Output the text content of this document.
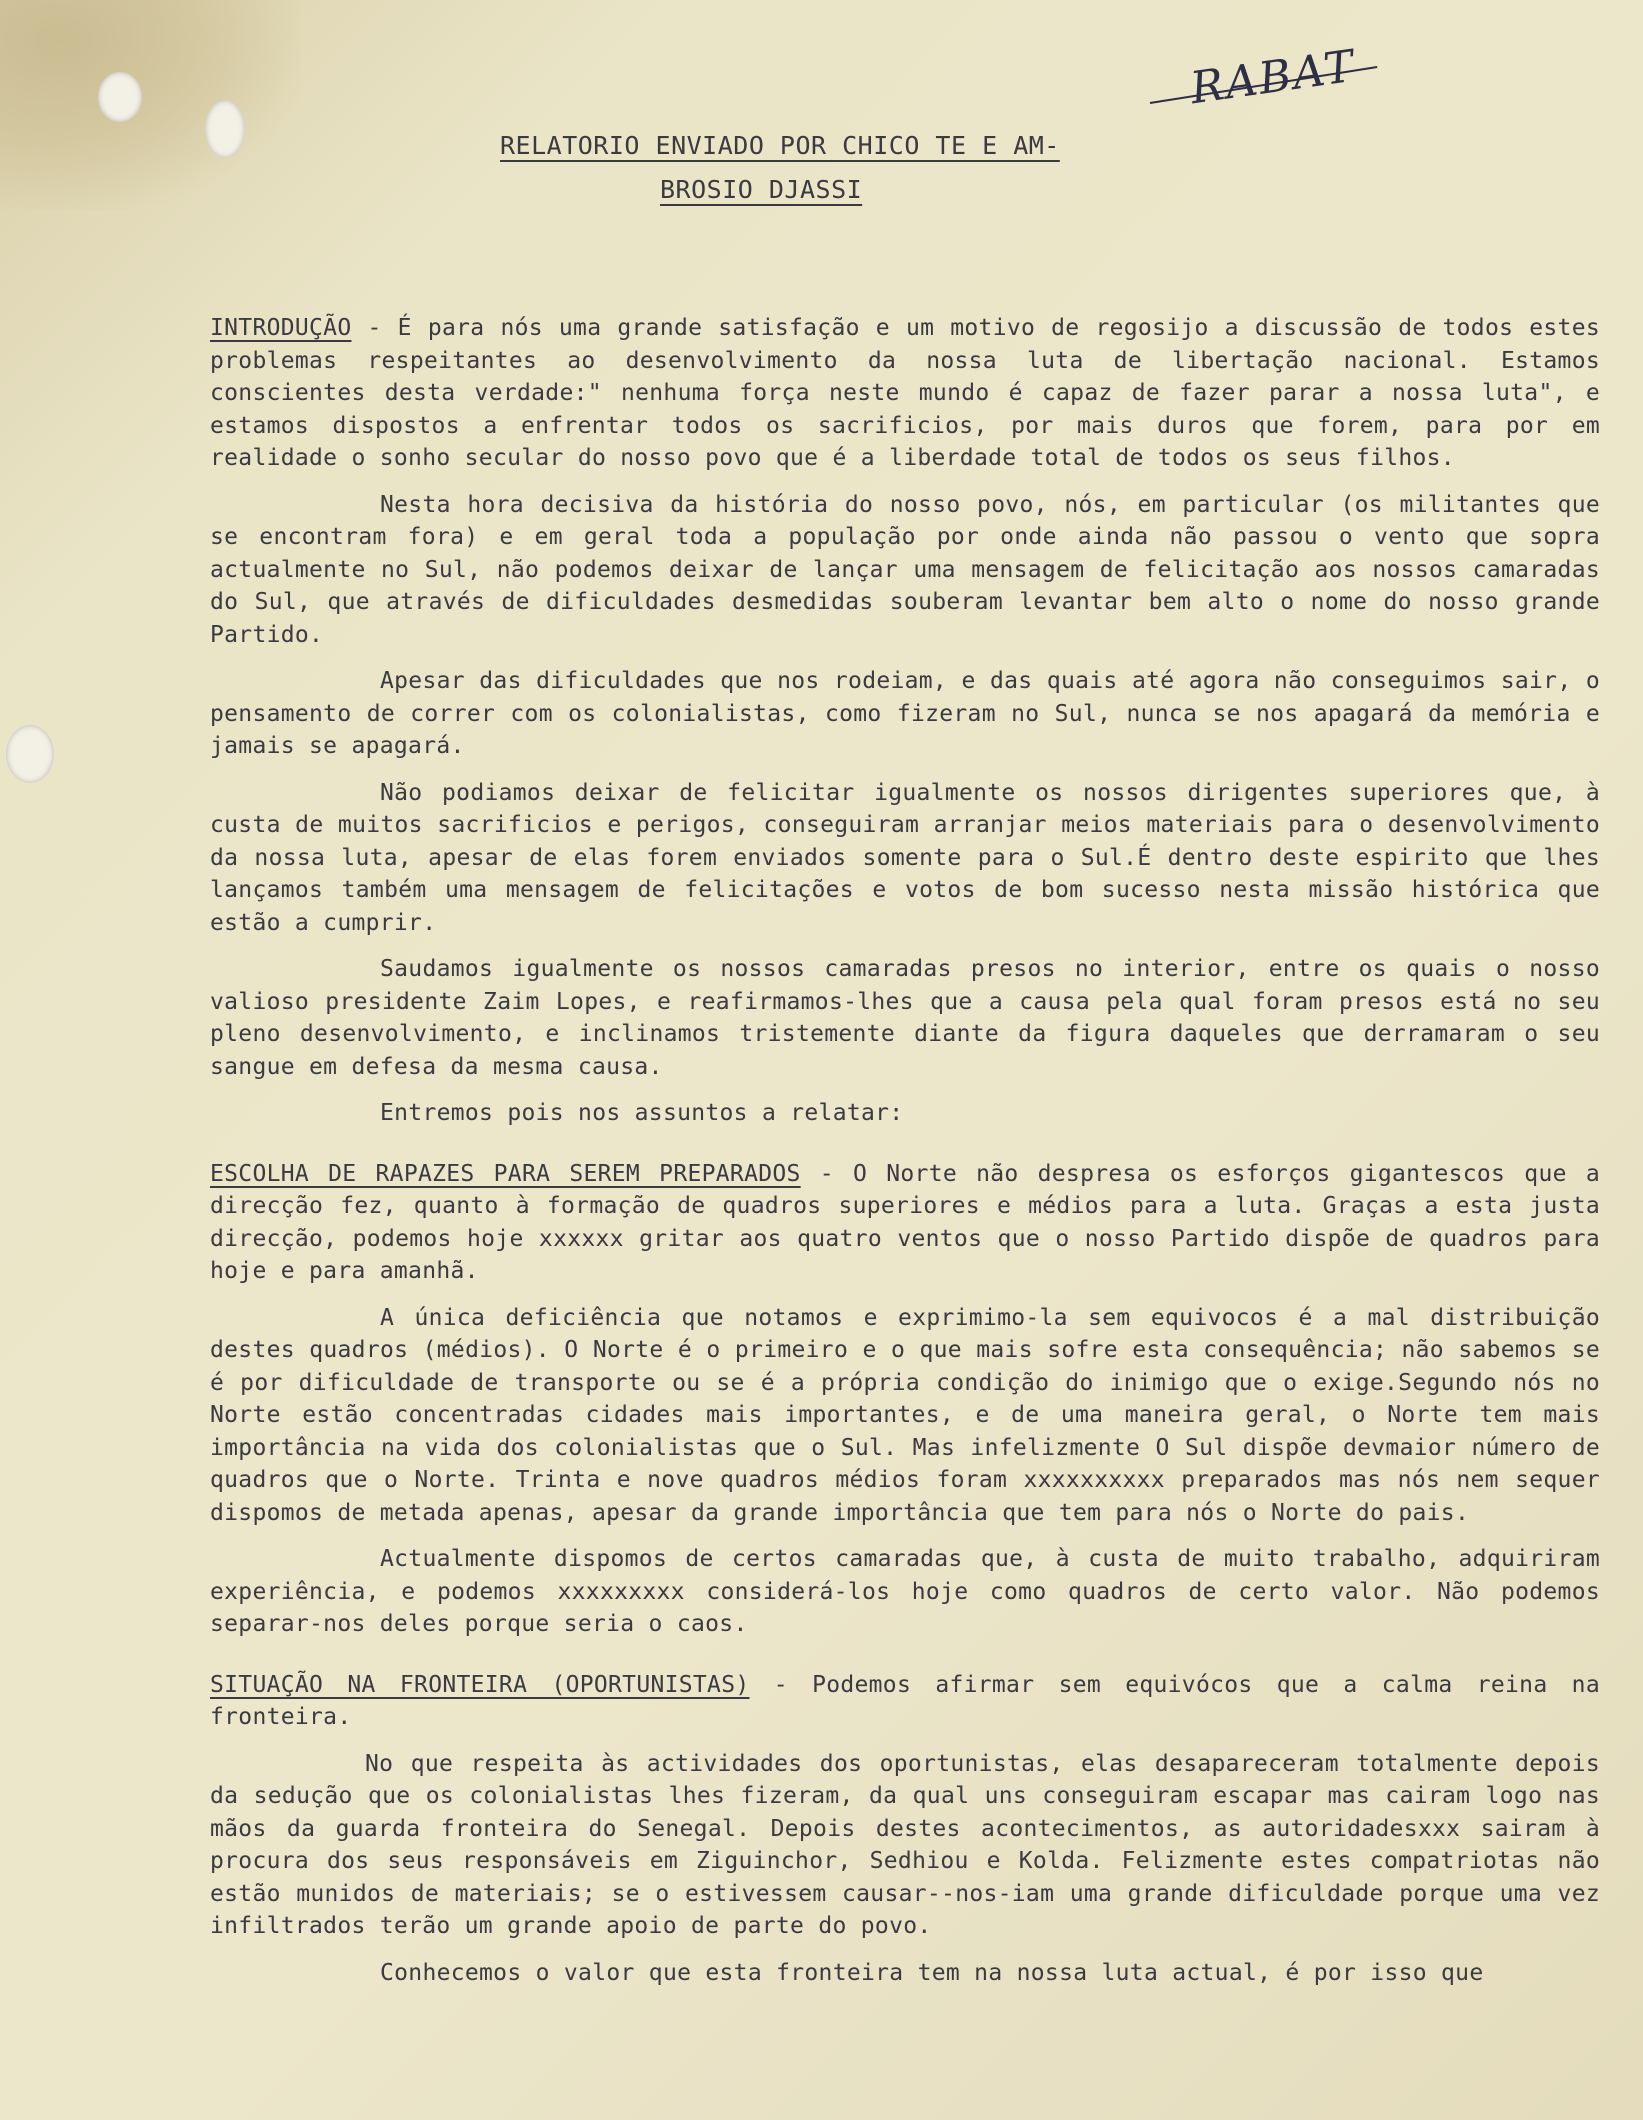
RABAT
RELATORIO ENVIADO POR CHICO TE E AM-
BROSIO DJASSI

INTRODUÇÃO - É para nós uma grande satisfação e um motivo de regosijo a discussão de todos estes problemas respeitantes ao desenvolvimento da nossa luta de libertação nacional. Estamos conscientes desta verdade:" nenhuma força neste mundo é capaz de fazer parar a nossa luta", e estamos dispostos a enfrentar todos os sacrificios, por mais duros que forem, para por em realidade o sonho secular do nosso povo que é a liberdade total de todos os seus filhos.

Nesta hora decisiva da história do nosso povo, nós, em particular (os militantes que se encontram fora) e em geral toda a população por onde ainda não passou o vento que sopra actualmente no Sul, não podemos deixar de lançar uma mensagem de felicitação aos nossos camaradas do Sul, que através de dificuldades desmedidas souberam levantar bem alto o nome do nosso grande Partido.

Apesar das dificuldades que nos rodeiam, e das quais até agora não conseguimos sair, o pensamento de correr com os colonialistas, como fizeram no Sul, nunca se nos apagará da memória e jamais se apagará.

Não podiamos deixar de felicitar igualmente os nossos dirigentes superiores que, à custa de muitos sacrificios e perigos, conseguiram arranjar meios materiais para o desenvolvimento da nossa luta, apesar de elas forem enviados somente para o Sul.É dentro deste espirito que lhes lançamos também uma mensagem de felicitações e votos de bom sucesso nesta missão histórica que estão a cumprir.

Saudamos igualmente os nossos camaradas presos no interior, entre os quais o nosso valioso presidente Zaim Lopes, e reafirmamos-lhes que a causa pela qual foram presos está no seu pleno desenvolvimento, e inclinamos tristemente diante da figura daqueles que derramaram o seu sangue em defesa da mesma causa.

Entremos pois nos assuntos a relatar:

ESCOLHA DE RAPAZES PARA SEREM PREPARADOS - O Norte não despresa os esforços gigantescos que a direcção fez, quanto à formação de quadros superiores e médios para a luta. Graças a esta justa direcção, podemos hoje xxxxxx gritar aos quatro ventos que o nosso Partido dispõe de quadros para hoje e para amanhã.

A única deficiência que notamos e exprimimo-la sem equivocos é a mal distribuição destes quadros (médios). O Norte é o primeiro e o que mais sofre esta consequência; não sabemos se é por dificuldade de transporte ou se é a própria condição do inimigo que o exige.Segundo nós no Norte estão concentradas cidades mais importantes, e de uma maneira geral, o Norte tem mais importância na vida dos colonialistas que o Sul. Mas infelizmente O Sul dispõe devmaior número de quadros que o Norte. Trinta e nove quadros médios foram xxxxxxxxxx preparados mas nós nem sequer dispomos de metada apenas, apesar da grande importância que tem para nós o Norte do pais.

Actualmente dispomos de certos camaradas que, à custa de muito trabalho, adquiriram experiência, e podemos xxxxxxxxx considerá-los hoje como quadros de certo valor. Não podemos separar-nos deles porque seria o caos.

SITUAÇÃO NA FRONTEIRA (OPORTUNISTAS) - Podemos afirmar sem equivócos que a calma reina na fronteira.

No que respeita às actividades dos oportunistas, elas desapareceram totalmente depois da sedução que os colonialistas lhes fizeram, da qual uns conseguiram escapar mas cairam logo nas mãos da guarda fronteira do Senegal. Depois destes acontecimentos, as autoridadesxxx sairam à procura dos seus responsáveis em Ziguinchor, Sedhiou e Kolda. Felizmente estes compatriotas não estão munidos de materiais; se o estivessem causar--nos-iam uma grande dificuldade porque uma vez infiltrados terão um grande apoio de parte do povo.

Conhecemos o valor que esta fronteira tem na nossa luta actual, é por isso que
